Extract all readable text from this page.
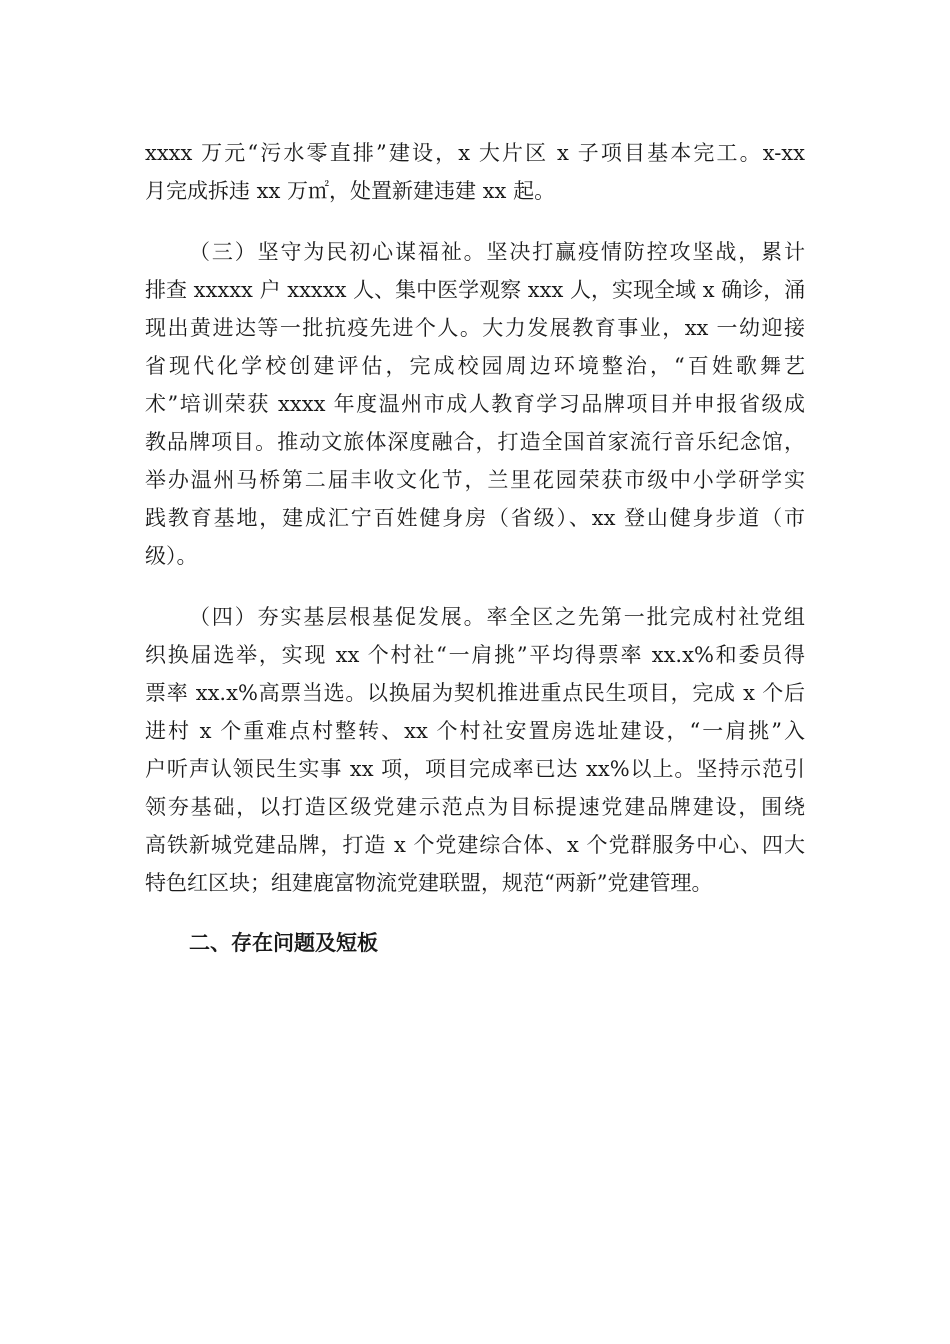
xxxx 万元“污水零直排”建设，x 大片区 x 子项目基本完工。x-xx
月完成拆违 xx 万㎡，处置新建违建 xx 起。
（三）坚守为民初心谋福祉。坚决打赢疫情防控攻坚战，累计
排查 xxxxx 户 xxxxx 人、集中医学观察 xxx 人，实现全域 x 确诊，涌
现出黄进达等一批抗疫先进个人。大力发展教育事业，xx 一幼迎接
省现代化学校创建评估，完成校园周边环境整治，“百姓歌舞艺
术”培训荣获 xxxx 年度温州市成人教育学习品牌项目并申报省级成
教品牌项目。推动文旅体深度融合，打造全国首家流行音乐纪念馆，
举办温州马桥第二届丰收文化节，兰里花园荣获市级中小学研学实
践教育基地，建成汇宁百姓健身房（省级）、xx 登山健身步道（市
级）。
（四）夯实基层根基促发展。率全区之先第一批完成村社党组
织换届选举，实现 xx 个村社“一肩挑”平均得票率 xx.x%和委员得
票率 xx.x%高票当选。以换届为契机推进重点民生项目，完成 x 个后
进村 x 个重难点村整转、xx 个村社安置房选址建设，“一肩挑”入
户听声认领民生实事 xx 项，项目完成率已达 xx%以上。坚持示范引
领夯基础，以打造区级党建示范点为目标提速党建品牌建设，围绕
高铁新城党建品牌，打造 x 个党建综合体、x 个党群服务中心、四大
特色红区块；组建鹿富物流党建联盟，规范“两新”党建管理。
二、存在问题及短板
